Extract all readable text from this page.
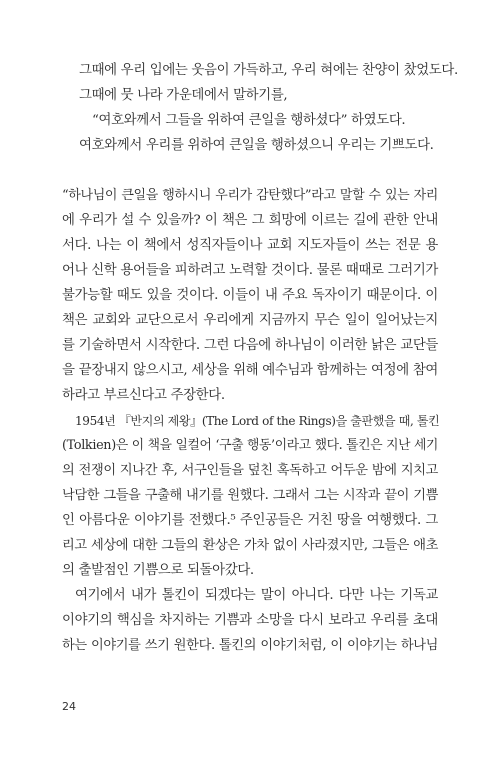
그때에 우리 입에는 웃음이 가득하고, 우리 혀에는 찬양이 찼었도다.
그때에 뭇 나라 가운데에서 말하기를,
“여호와께서 그들을 위하여 큰일을 행하셨다” 하였도다.
여호와께서 우리를 위하여 큰일을 행하셨으니 우리는 기쁘도다.
“하나님이 큰일을 행하시니 우리가 감탄했다”라고 말할 수 있는 자리
에 우리가 설 수 있을까? 이 책은 그 희망에 이르는 길에 관한 안내
서다. 나는 이 책에서 성직자들이나 교회 지도자들이 쓰는 전문 용
어나 신학 용어들을 피하려고 노력할 것이다. 물론 때때로 그러기가
불가능할 때도 있을 것이다. 이들이 내 주요 독자이기 때문이다. 이
책은 교회와 교단으로서 우리에게 지금까지 무슨 일이 일어났는지
를 기술하면서 시작한다. 그런 다음에 하나님이 이러한 낡은 교단들
을 끝장내지 않으시고, 세상을 위해 예수님과 함께하는 여정에 참여
하라고 부르신다고 주장한다.
1954년 『반지의 제왕』(The Lord of the Rings)을 출판했을 때, 톨킨
(Tolkien)은 이 책을 일컬어 ‘구출 행동’이라고 했다. 톨킨은 지난 세기
의 전쟁이 지나간 후, 서구인들을 덮친 혹독하고 어두운 밤에 지치고
낙담한 그들을 구출해 내기를 원했다. 그래서 그는 시작과 끝이 기쁨
인 아름다운 이야기를 전했다.⁵ 주인공들은 거친 땅을 여행했다. 그
리고 세상에 대한 그들의 환상은 가차 없이 사라졌지만, 그들은 애초
의 출발점인 기쁨으로 되돌아갔다.
여기에서 내가 톨킨이 되겠다는 말이 아니다. 다만 나는 기독교
이야기의 핵심을 차지하는 기쁨과 소망을 다시 보라고 우리를 초대
하는 이야기를 쓰기 원한다. 톨킨의 이야기처럼, 이 이야기는 하나님
24
